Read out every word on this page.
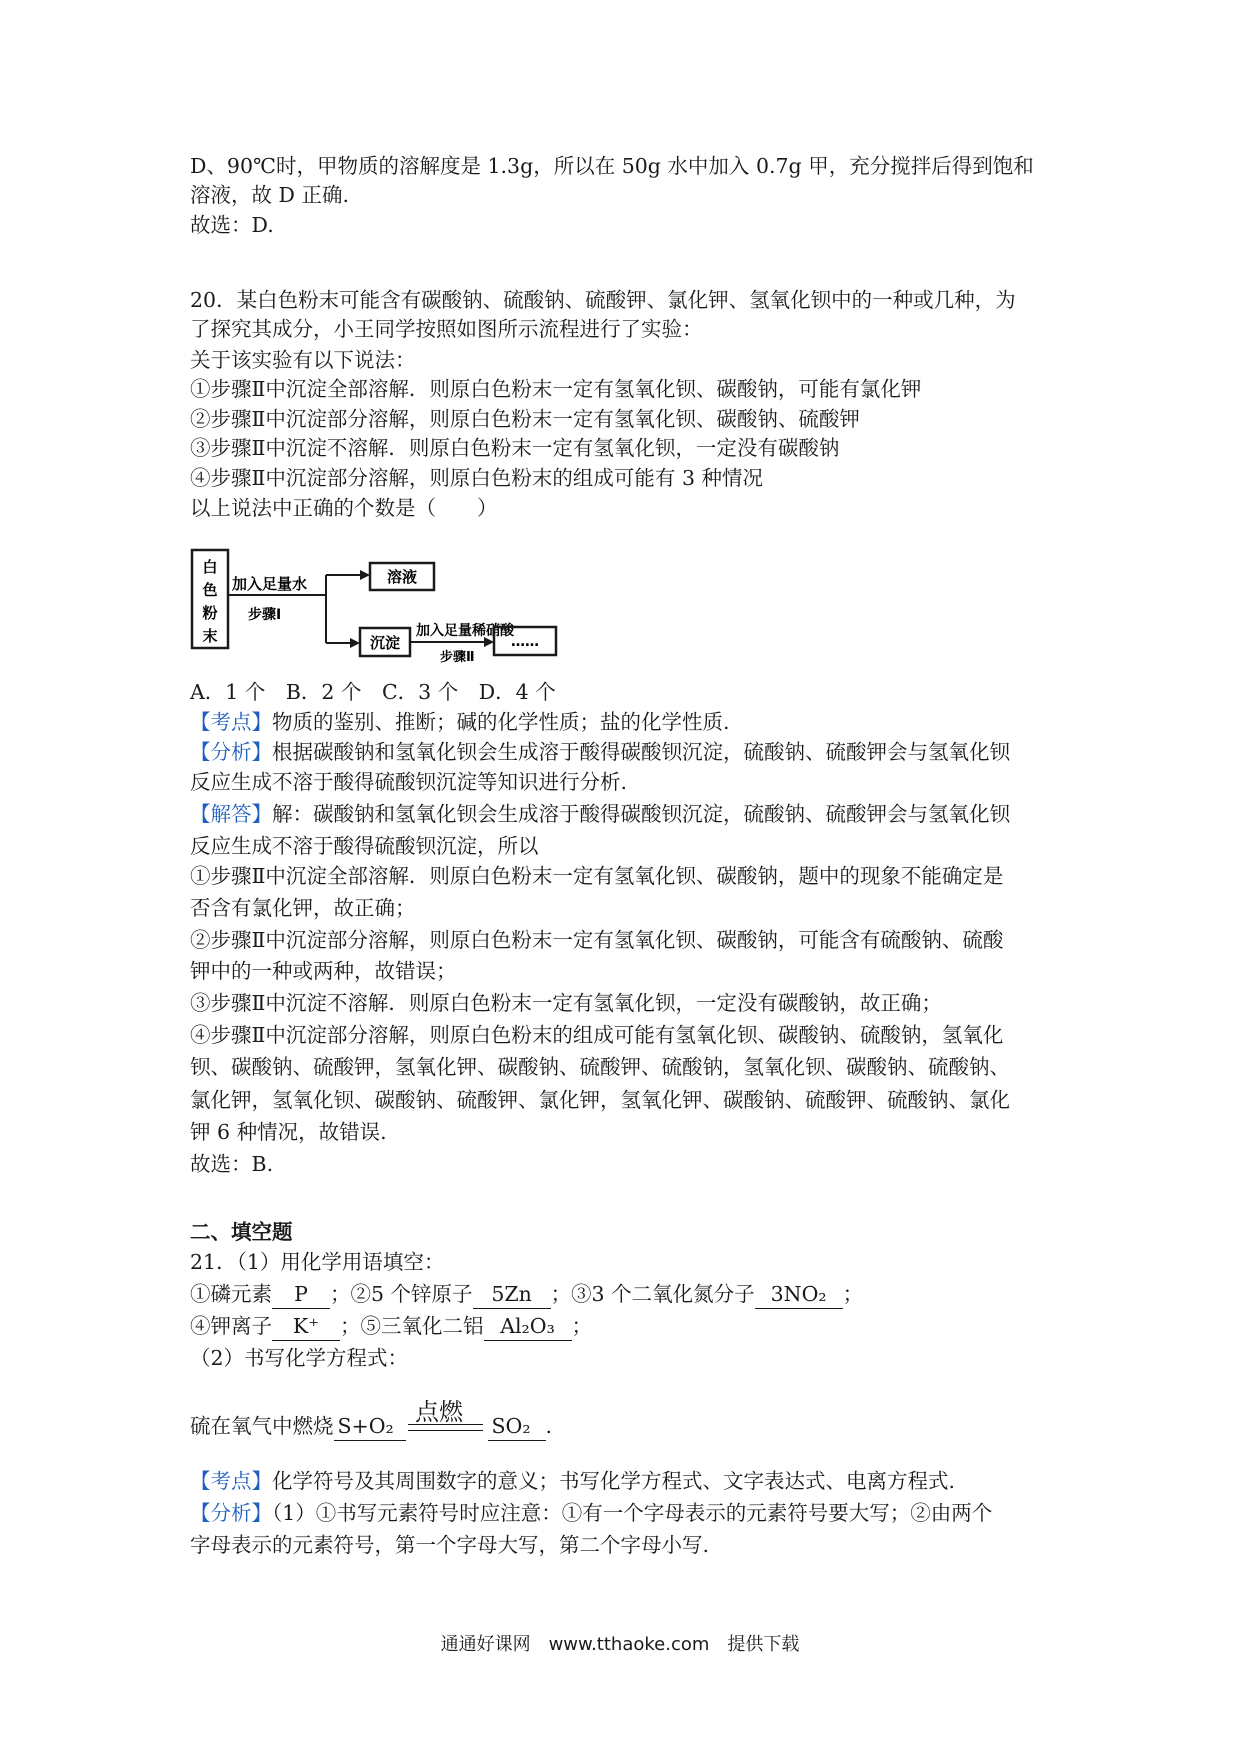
D、90℃时，甲物质的溶解度是 1.3g，所以在 50g 水中加入 0.7g 甲，充分搅拌后得到饱和
溶液，故 D 正确.
故选：D.
20．某白色粉末可能含有碳酸钠、硫酸钠、硫酸钾、氯化钾、氢氧化钡中的一种或几种，为
了探究其成分，小王同学按照如图所示流程进行了实验：
关于该实验有以下说法：
①步骤Ⅱ中沉淀全部溶解．则原白色粉末一定有氢氧化钡、碳酸钠，可能有氯化钾
②步骤Ⅱ中沉淀部分溶解，则原白色粉末一定有氢氧化钡、碳酸钠、硫酸钾
③步骤Ⅱ中沉淀不溶解．则原白色粉末一定有氢氧化钡，一定没有碳酸钠
④步骤Ⅱ中沉淀部分溶解，则原白色粉末的组成可能有 3 种情况
以上说法中正确的个数是（　　）
白
色
粉
末
加入足量水
步骤Ⅰ
溶液
沉淀
加入足量稀硝酸
步骤Ⅱ
……
A．1 个　B．2 个　C．3 个　D．4 个
【考点】物质的鉴别、推断；碱的化学性质；盐的化学性质.
【分析】根据碳酸钠和氢氧化钡会生成溶于酸得碳酸钡沉淀，硫酸钠、硫酸钾会与氢氧化钡
反应生成不溶于酸得硫酸钡沉淀等知识进行分析.
【解答】解：碳酸钠和氢氧化钡会生成溶于酸得碳酸钡沉淀，硫酸钠、硫酸钾会与氢氧化钡
反应生成不溶于酸得硫酸钡沉淀，所以
①步骤Ⅱ中沉淀全部溶解．则原白色粉末一定有氢氧化钡、碳酸钠，题中的现象不能确定是
否含有氯化钾，故正确；
②步骤Ⅱ中沉淀部分溶解，则原白色粉末一定有氢氧化钡、碳酸钠，可能含有硫酸钠、硫酸
钾中的一种或两种，故错误；
③步骤Ⅱ中沉淀不溶解．则原白色粉末一定有氢氧化钡，一定没有碳酸钠，故正确；
④步骤Ⅱ中沉淀部分溶解，则原白色粉末的组成可能有氢氧化钡、碳酸钠、硫酸钠，氢氧化
钡、碳酸钠、硫酸钾，氢氧化钾、碳酸钠、硫酸钾、硫酸钠，氢氧化钡、碳酸钠、硫酸钠、
氯化钾，氢氧化钡、碳酸钠、硫酸钾、氯化钾，氢氧化钾、碳酸钠、硫酸钾、硫酸钠、氯化
钾 6 种情况，故错误.
故选：B.
二、填空题
21．（1）用化学用语填空：
①磷元素 P ；②5 个锌原子 5Zn ；③3 个二氧化氮分子 3NO₂ ；
④钾离子 K⁺ ；⑤三氧化二铝 Al₂O₃ ；
（2）书写化学方程式：
点燃
硫在氧气中燃烧 S+O₂	SO₂ .
【考点】化学符号及其周围数字的意义；书写化学方程式、文字表达式、电离方程式.
【分析】（1）①书写元素符号时应注意：①有一个字母表示的元素符号要大写；②由两个
字母表示的元素符号，第一个字母大写，第二个字母小写.
通通好课网　www.tthaoke.com　提供下载
